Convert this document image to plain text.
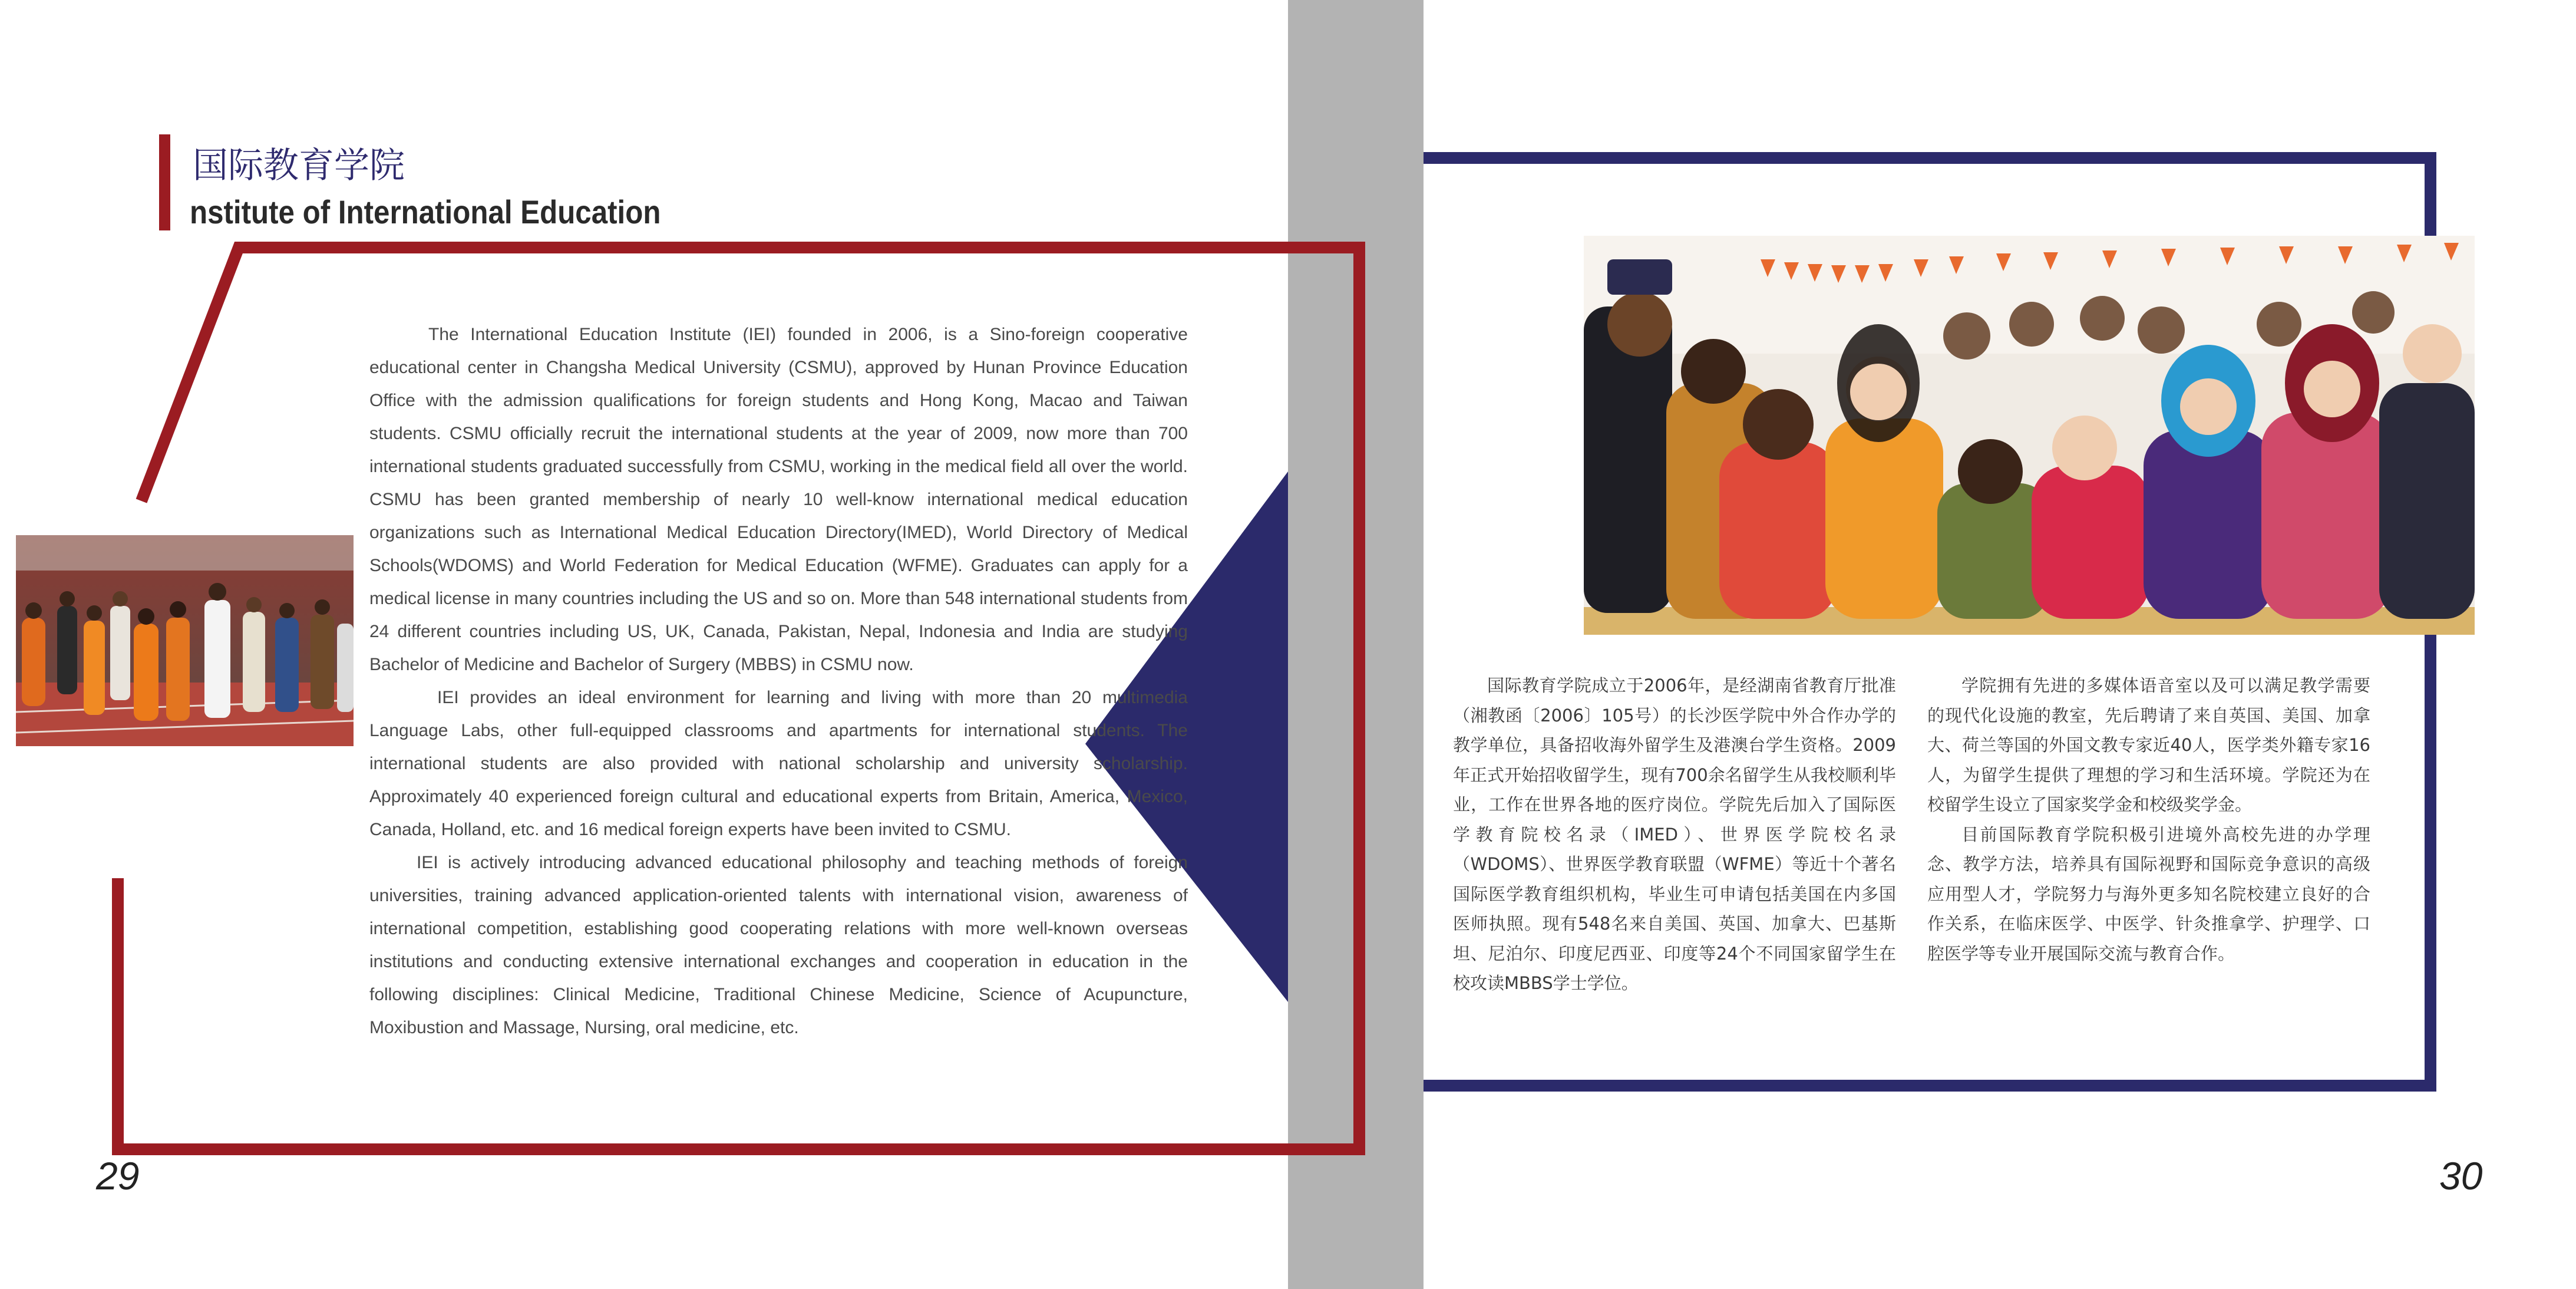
国际教育学院
nstitute of International Education

The International Education Institute (IEI) founded in 2006, is a Sino-foreign cooperative educational center in Changsha Medical University (CSMU), approved by Hunan Province Education Office with the admission qualifications for foreign students and Hong Kong, Macao and Taiwan students. CSMU officially recruit the international students at the year of 2009, now more than 700 international students graduated successfully from CSMU, working in the medical field all over the world. CSMU has been granted membership of nearly 10 well-know international medical education organizations such as International Medical Education Directory(IMED), World Directory of Medical Schools(WDOMS) and World Federation for Medical Education (WFME). Graduates can apply for a medical license in many countries including the US and so on. More than 548 international students from 24 different countries including US, UK, Canada, Pakistan, Nepal, Indonesia and India are studying Bachelor of Medicine and Bachelor of Surgery (MBBS) in CSMU now.

IEI provides an ideal environment for learning and living with more than 20 multimedia Language Labs, other full-equipped classrooms and apartments for international students. The international students are also provided with national scholarship and university scholarship. Approximately 40 experienced foreign cultural and educational experts from Britain, America, Mexico, Canada, Holland, etc. and 16 medical foreign experts have been invited to CSMU.

IEI is actively introducing advanced educational philosophy and teaching methods of foreign universities, training advanced application-oriented talents with international vision, awareness of international competition, establishing good cooperating relations with more well-known overseas institutions and conducting extensive international exchanges and cooperation in education in the following disciplines: Clinical Medicine, Traditional Chinese Medicine, Science of Acupuncture, Moxibustion and Massage, Nursing, oral medicine, etc.

国际教育学院成立于2006年，是经湖南省教育厅批准（湘教函〔2006〕105号）的长沙医学院中外合作办学的教学单位，具备招收海外留学生及港澳台学生资格。2009年正式开始招收留学生，现有700余名留学生从我校顺利毕业，工作在世界各地的医疗岗位。学院先后加入了国际医学教育院校名录（IMED）、世界医学院校名录（WDOMS）、世界医学教育联盟（WFME）等近十个著名国际医学教育组织机构，毕业生可申请包括美国在内多国医师执照。现有548名来自美国、英国、加拿大、巴基斯坦、尼泊尔、印度尼西亚、印度等24个不同国家留学生在校攻读MBBS学士学位。

学院拥有先进的多媒体语音室以及可以满足教学需要的现代化设施的教室，先后聘请了来自英国、美国、加拿大、荷兰等国的外国文教专家近40人，医学类外籍专家16人，为留学生提供了理想的学习和生活环境。学院还为在校留学生设立了国家奖学金和校级奖学金。

目前国际教育学院积极引进境外高校先进的办学理念、教学方法，培养具有国际视野和国际竞争意识的高级应用型人才，学院努力与海外更多知名院校建立良好的合作关系，在临床医学、中医学、针灸推拿学、护理学、口腔医学等专业开展国际交流与教育合作。

29	30
